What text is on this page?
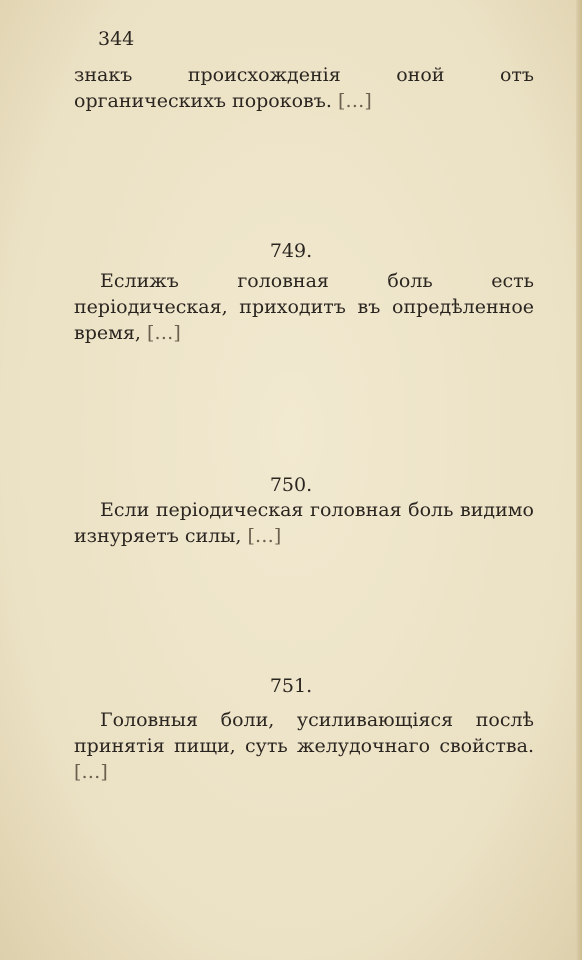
344
знакъ происхожденія оной отъ органическихъ пороковъ. […]
749.
Еслижъ головная боль есть періодическая, приходитъ въ опредѣленное время, […]
750.
Если періодическая головная боль видимо изнуряетъ силы, […]
751.
Головныя боли, усиливающіяся послѣ принятія пищи, суть желудочнаго свойства. […]
